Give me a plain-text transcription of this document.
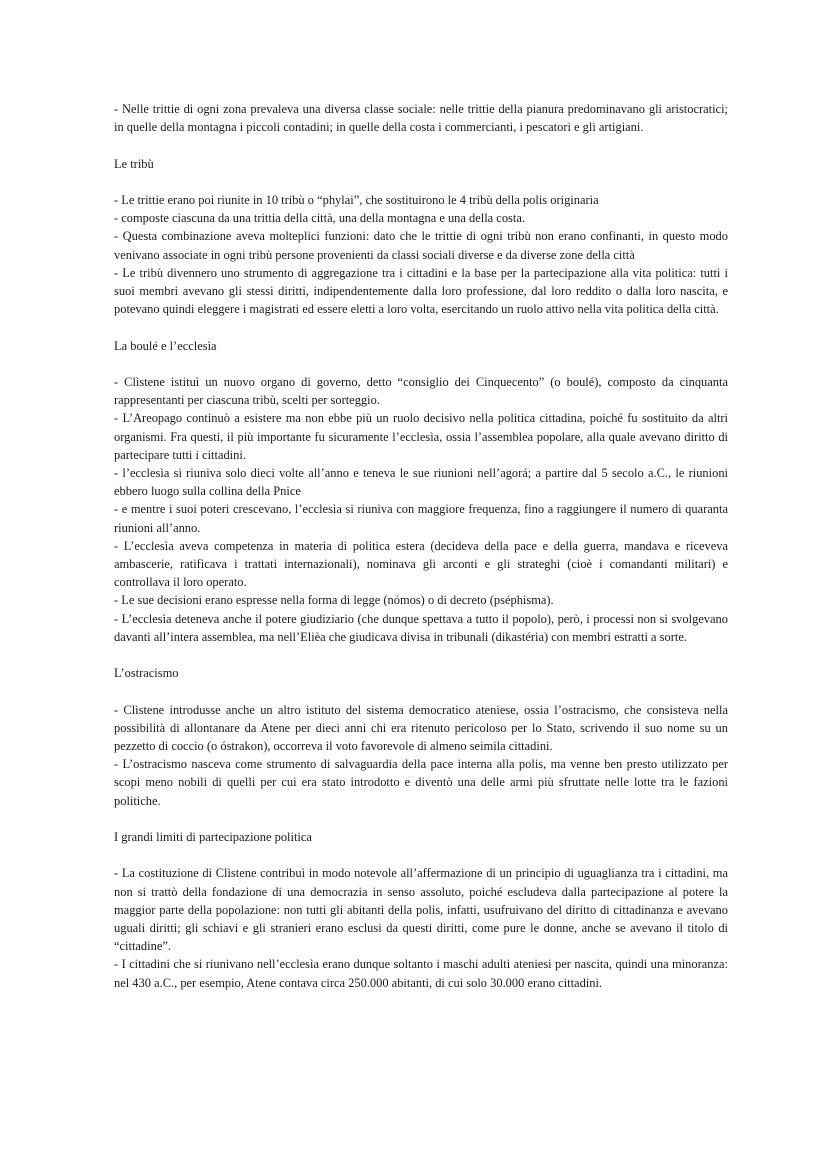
- Nelle trittie di ogni zona prevaleva una diversa classe sociale: nelle trittie della pianura predominavano gli aristocratici; in quelle della montagna i piccoli contadini; in quelle della costa i commercianti, i pescatori e gli artigiani.

Le tribù

- Le trittie erano poi riunite in 10 tribù o “phylai”, che sostituirono le 4 tribù della polis originaria

- composte ciascuna da una trittia della città, una della montagna e una della costa.

- Questa combinazione aveva molteplici funzioni: dato che le trittie di ogni tribù non erano confinanti, in questo modo venivano associate in ogni tribù persone provenienti da classi sociali diverse e da diverse zone della città

- Le tribù divennero uno strumento di aggregazione tra i cittadini e la base per la partecipazione alla vita politica: tutti i suoi membri avevano gli stessi diritti, indipendentemente dalla loro professione, dal loro reddito o dalla loro nascita, e potevano quindi eleggere i magistrati ed essere eletti a loro volta, esercitando un ruolo attivo nella vita politica della città.

La boulé e l’ecclesìa

- Clìstene istituì un nuovo organo di governo, detto “consiglio dei Cinquecento” (o boulé), composto da cinquanta rappresentanti per ciascuna tribù, scelti per sorteggio.

- L’Areopago continuò a esistere ma non ebbe più un ruolo decisivo nella politica cittadina, poiché fu sostituito da altri organismi. Fra questi, il più importante fu sicuramente l’ecclesìa, ossia l’assemblea popolare, alla quale avevano diritto di partecipare tutti i cittadini.

- l’ecclesìa si riuniva solo dieci volte all’anno e teneva le sue riunioni nell’agorá; a partire dal 5 secolo a.C., le riunioni ebbero luogo sulla collina della Pnice

- e mentre i suoi poteri crescevano, l’ecclesìa si riuniva con maggiore frequenza, fino a raggiungere il numero di quaranta riunioni all’anno.

- L’ecclesìa aveva competenza in materia di politica estera (decideva della pace e della guerra, mandava e riceveva ambascerie, ratificava i trattati internazionali), nominava gli arconti e gli strateghi (cioè i comandanti militari) e controllava il loro operato.

- Le sue decisioni erano espresse nella forma di legge (nómos) o di decreto (pséphisma).

- L’ecclesìa deteneva anche il potere giudiziario (che dunque spettava a tutto il popolo), però, i processi non si svolgevano davanti all’intera assemblea, ma nell’Elièa che giudicava divisa in tribunali (dikastéria) con membri estratti a sorte.

L’ostracismo

- Clìstene introdusse anche un altro istituto del sistema democratico ateniese, ossia l’ostracismo, che consisteva nella possibilità di allontanare da Atene per dieci anni chi era ritenuto pericoloso per lo Stato, scrivendo il suo nome su un pezzetto di coccio (o óstrakon), occorreva il voto favorevole di almeno seimila cittadini.

- L’ostracismo nasceva come strumento di salvaguardia della pace interna alla polis, ma venne ben presto utilizzato per scopi meno nobili di quelli per cui era stato introdotto e diventò una delle armi più sfruttate nelle lotte tra le fazioni politiche.

I grandi limiti di partecipazione politica

- La costituzione di Clìstene contribuì in modo notevole all’affermazione di un principio di uguaglianza tra i cittadini, ma non si trattò della fondazione di una democrazia in senso assoluto, poiché escludeva dalla partecipazione al potere la maggior parte della popolazione: non tutti gli abitanti della polis, infatti, usufruivano del diritto di cittadinanza e avevano uguali diritti; gli schiavi e gli stranieri erano esclusi da questi diritti, come pure le donne, anche se avevano il titolo di “cittadine”.

- I cittadini che si riunivano nell’ecclesìa erano dunque soltanto i maschi adulti ateniesi per nascita, quindi una minoranza: nel 430 a.C., per esempio, Atene contava circa 250.000 abitanti, di cui solo 30.000 erano cittadini.
